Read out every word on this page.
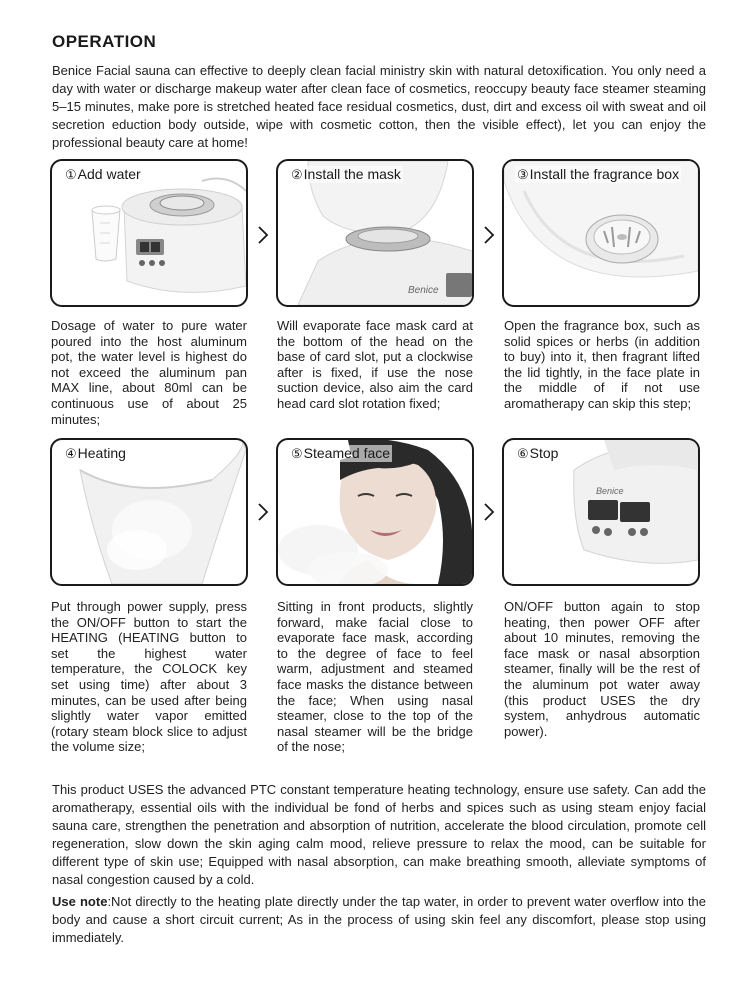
OPERATION
Benice Facial sauna can effective to deeply clean facial ministry skin with natural detoxification. You only need a day with water or discharge makeup water after clean face of cosmetics, reoccupy beauty face steamer steaming 5–15 minutes, make pore is stretched heated face residual cosmetics, dust, dirt and excess oil with sweat and oil secretion eduction body outside, wipe with cosmetic cotton, then the visible effect), let you can enjoy the professional beauty care at home!
①Add water
Benice
②Install the mask	③Install the fragrance box
④Heating	⑤Steamed face
Benice
⑥Stop
Dosage of water to pure water poured into the host aluminum pot, the water level is highest do not exceed the aluminum pan MAX line, about 80ml can be continuous use of about 25 minutes;
Will evaporate face mask card at the bottom of the head on the base of card slot, put a clockwise after is fixed, if use the nose suction device, also aim the card head card slot rotation fixed;
Open the fragrance box, such as solid spices or herbs (in addition to buy) into it, then fragrant lifted the lid tightly, in the face plate in the middle of if not use aromatherapy can skip this step;
Put through power supply, press the ON/OFF button to start the HEATING (HEATING button to set the highest water temperature, the COLOCK key set using time) after about 3 minutes, can be used after being slightly water vapor emitted (rotary steam block slice to adjust the volume size;
Sitting in front products, slightly forward, make facial close to evaporate face mask, according to the degree of face to feel warm, adjustment and steamed face masks the distance between the face; When using nasal steamer, close to the top of the nasal steamer will be the bridge of the nose;
ON/OFF button again to stop heating, then power OFF after about 10 minutes, removing the face mask or nasal absorption steamer, finally will be the rest of the aluminum pot water away (this product USES the dry system, anhydrous automatic power).
This product USES the advanced PTC constant temperature heating technology, ensure use safety. Can add the aromatherapy, essential oils with the individual be fond of herbs and spices such as using steam enjoy facial sauna care, strengthen the penetration and absorption of nutrition, accelerate the blood circulation, promote cell regeneration, slow down the skin aging calm mood, relieve pressure to relax the mood, can be suitable for different type of skin use; Equipped with nasal absorption, can make breathing smooth, alleviate symptoms of nasal congestion caused by a cold.
Use note:Not directly to the heating plate directly under the tap water, in order to prevent water overflow into the body and cause a short circuit current; As in the process of using skin feel any discomfort, please stop using immediately.
